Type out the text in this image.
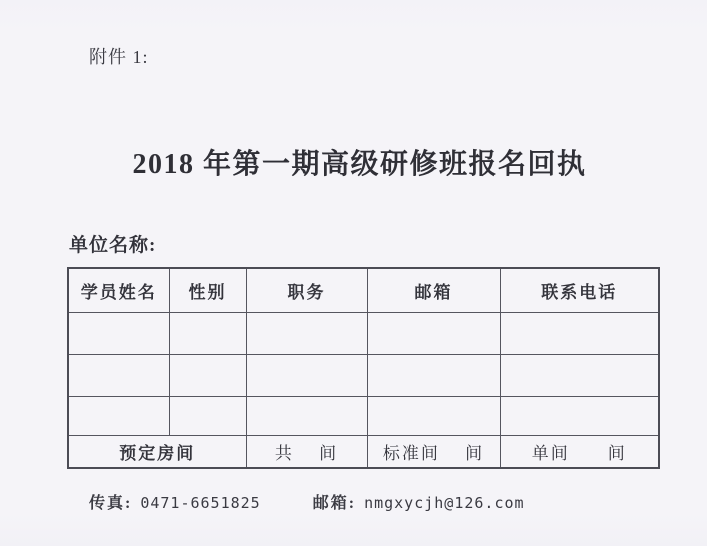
附件 1:
2018 年第一期高级研修班报名回执
单位名称:
学员姓名	性别	职务	邮箱	联系电话

预定房间		共　 间	标准间　 间	单间　　间
传真: 0471-6651825	邮箱: nmgxycjh@126.com
